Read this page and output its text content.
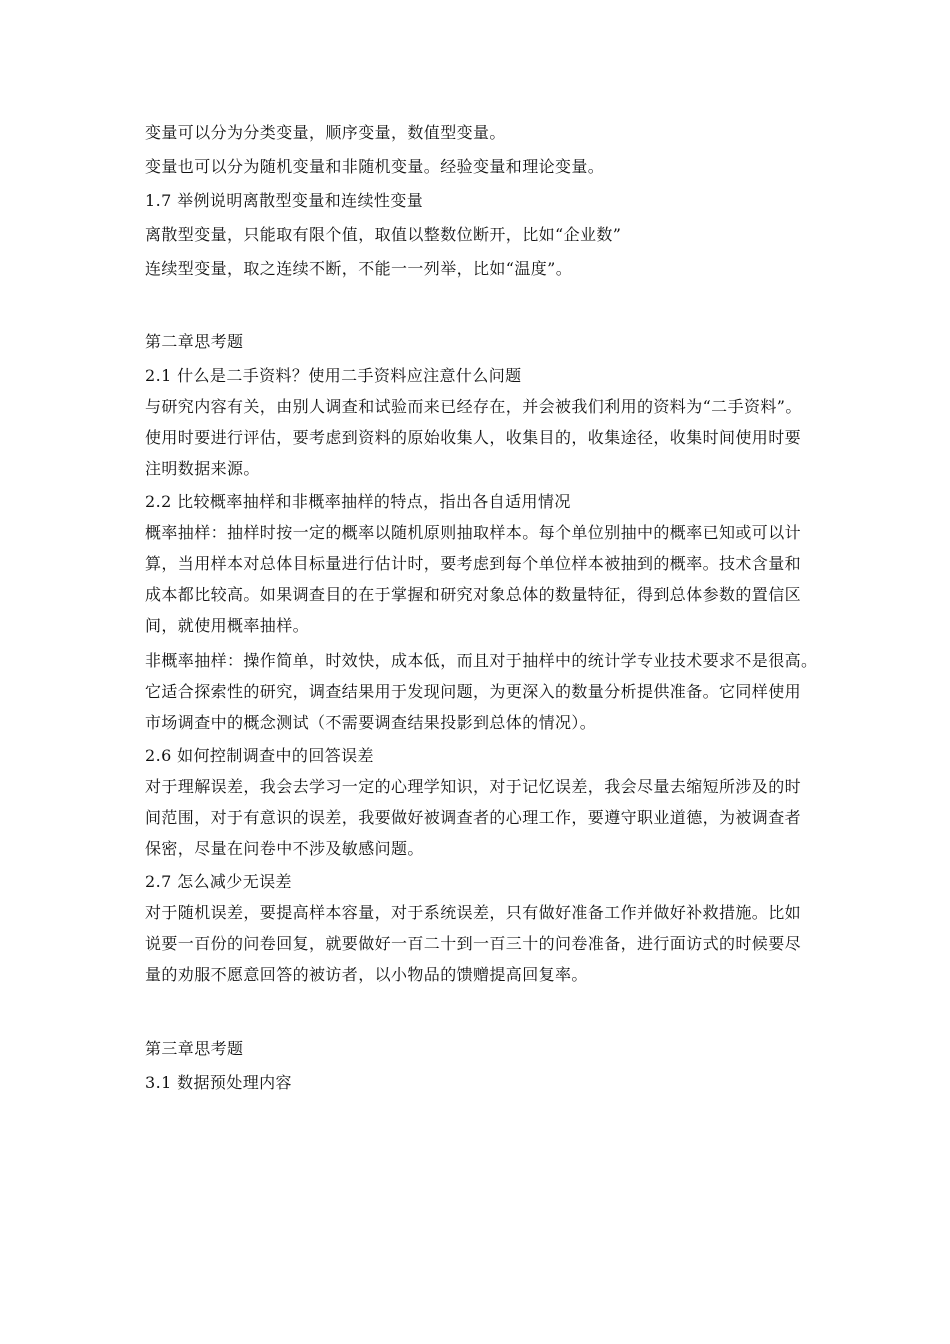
变量可以分为分类变量，顺序变量，数值型变量。
变量也可以分为随机变量和非随机变量。经验变量和理论变量。
1.7 举例说明离散型变量和连续性变量
离散型变量，只能取有限个值，取值以整数位断开，比如“企业数”
连续型变量，取之连续不断，不能一一列举，比如“温度”。
第二章思考题
2.1 什么是二手资料？使用二手资料应注意什么问题
与研究内容有关，由别人调查和试验而来已经存在，并会被我们利用的资料为“二手资料”。
使用时要进行评估，要考虑到资料的原始收集人，收集目的，收集途径，收集时间使用时要
注明数据来源。
2.2 比较概率抽样和非概率抽样的特点，指出各自适用情况
概率抽样：抽样时按一定的概率以随机原则抽取样本。每个单位别抽中的概率已知或可以计
算，当用样本对总体目标量进行估计时，要考虑到每个单位样本被抽到的概率。技术含量和
成本都比较高。如果调查目的在于掌握和研究对象总体的数量特征，得到总体参数的置信区
间，就使用概率抽样。
非概率抽样：操作简单，时效快，成本低，而且对于抽样中的统计学专业技术要求不是很高。
它适合探索性的研究，调查结果用于发现问题，为更深入的数量分析提供准备。它同样使用
市场调查中的概念测试（不需要调查结果投影到总体的情况）。
2.6 如何控制调查中的回答误差
对于理解误差，我会去学习一定的心理学知识，对于记忆误差，我会尽量去缩短所涉及的时
间范围，对于有意识的误差，我要做好被调查者的心理工作，要遵守职业道德，为被调查者
保密，尽量在问卷中不涉及敏感问题。
2.7 怎么减少无误差
对于随机误差，要提高样本容量，对于系统误差，只有做好准备工作并做好补救措施。比如
说要一百份的问卷回复，就要做好一百二十到一百三十的问卷准备，进行面访式的时候要尽
量的劝服不愿意回答的被访者，以小物品的馈赠提高回复率。
第三章思考题
3.1 数据预处理内容
